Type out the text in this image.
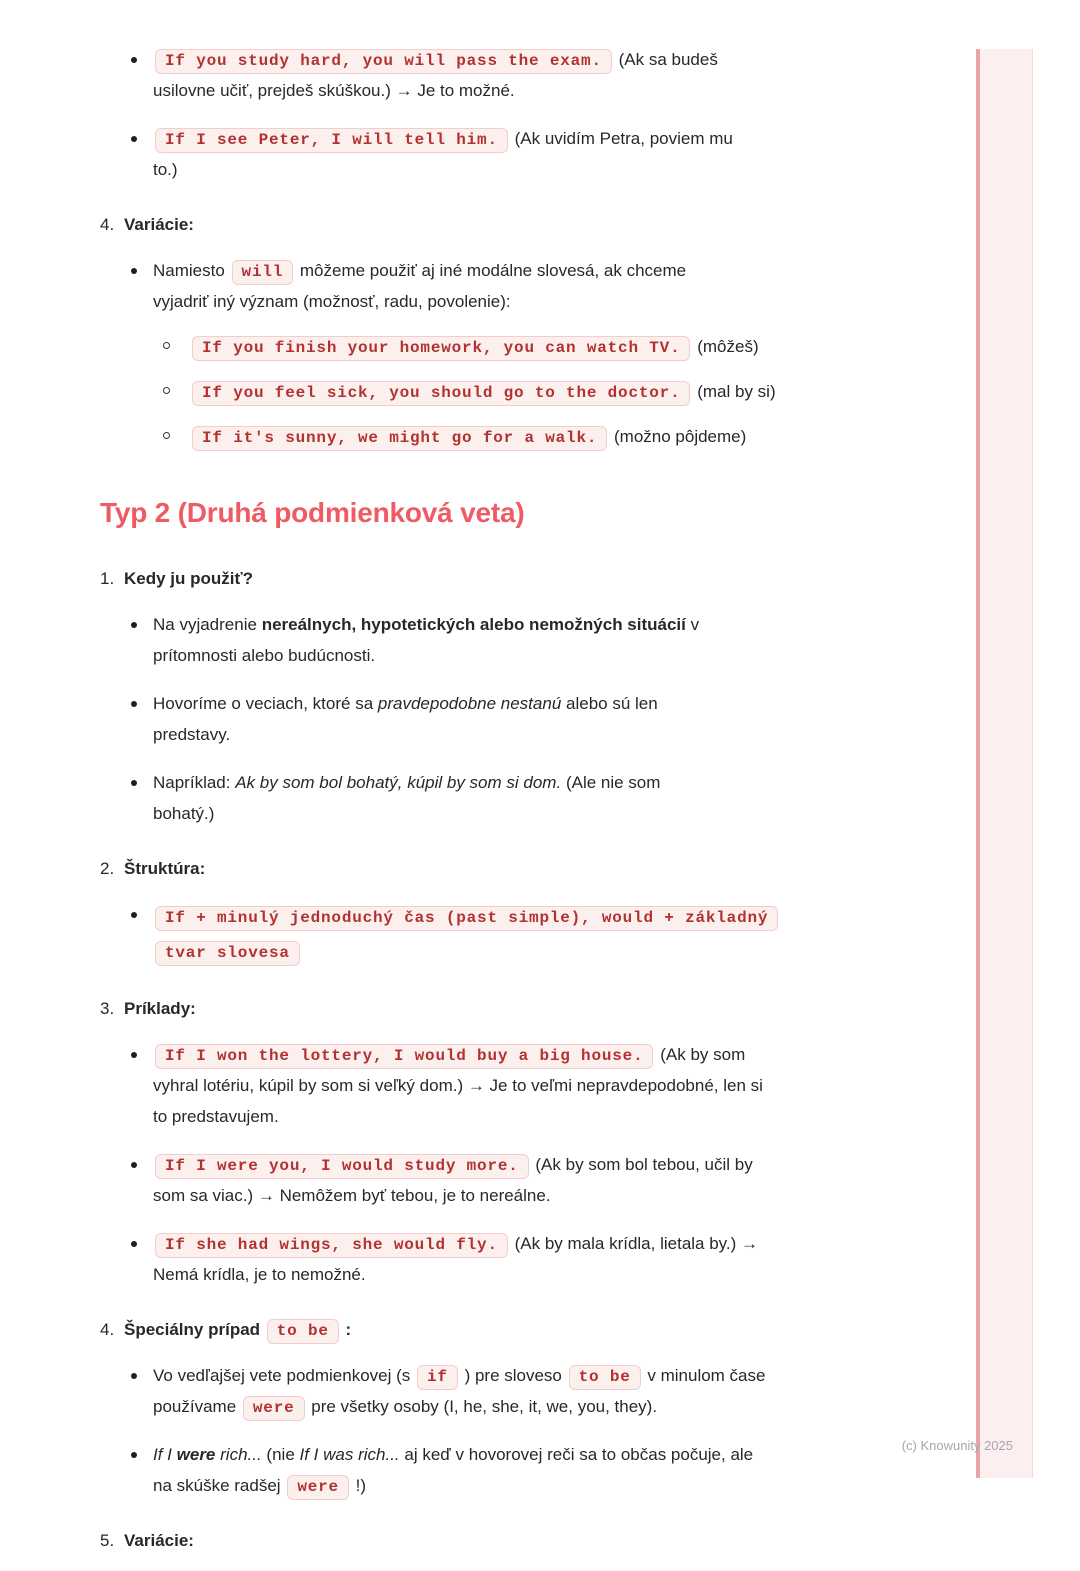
If you study hard, you will pass the exam. (Ak sa budeš usilovne učiť, prejdeš skúškou.) → Je to možné.
If I see Peter, I will tell him. (Ak uvidím Petra, poviem mu to.)
4. Variácie:
Namiesto will môžeme použiť aj iné modálne slovesá, ak chceme vyjadriť iný význam (možnosť, radu, povolenie):
If you finish your homework, you can watch TV. (môžeš)
If you feel sick, you should go to the doctor. (mal by si)
If it's sunny, we might go for a walk. (možno pôjdeme)
Typ 2 (Druhá podmienková veta)
1. Kedy ju použiť?
Na vyjadrenie nereálnych, hypotetických alebo nemožných situácií v prítomnosti alebo budúcnosti.
Hovoríme o veciach, ktoré sa pravdepodobne nestanú alebo sú len predstavy.
Napríklad: Ak by som bol bohatý, kúpil by som si dom. (Ale nie som bohatý.)
2. Štruktúra:
If + minulý jednoduchý čas (past simple), would + základný tvar slovesa
3. Príklady:
If I won the lottery, I would buy a big house. (Ak by som vyhral lotériu, kúpil by som si veľký dom.) → Je to veľmi nepravdepodobné, len si to predstavujem.
If I were you, I would study more. (Ak by som bol tebou, učil by som sa viac.) → Nemôžem byť tebou, je to nereálne.
If she had wings, she would fly. (Ak by mala krídla, lietala by.) → Nemá krídla, je to nemožné.
4. Špeciálny prípad to be :
Vo vedľajšej vete podmienkovej (s if ) pre sloveso to be v minulom čase používame were pre všetky osoby (I, he, she, it, we, you, they).
If I were rich... (nie If I was rich... aj keď v hovorovej reči sa to občas počuje, ale na skúške radšej were !)
5. Variácie:
(c) Knowunity 2025
